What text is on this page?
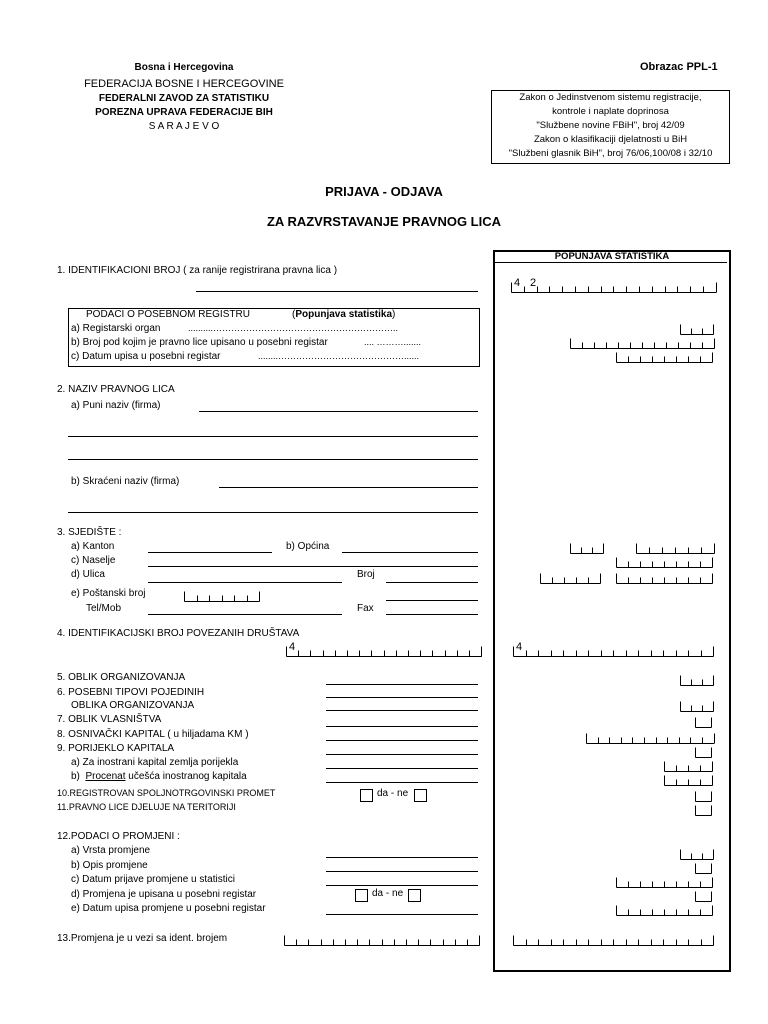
Bosna i Hercegovina
FEDERACIJA BOSNE I HERCEGOVINE
FEDERALNI ZAVOD ZA STATISTIKU
POREZNA UPRAVA FEDERACIJE BIH
S A R A J E V O
Obrazac PPL-1
Zakon o Jedinstvenom sistemu registracije,
kontrole i naplate doprinosa
"Službene novine FBiH", broj 42/09
Zakon o klasifikaciji djelatnosti u BiH
"Službeni glasnik BiH", broj 76/06,100/08 i 32/10
PRIJAVA - ODJAVA
ZA RAZVRSTAVANJE PRAVNOG LICA
POPUNJAVA STATISTIKA
1. IDENTIFIKACIONI BROJ ( za ranije registrirana pravna lica )
4 2
PODACI O POSEBNOM REGISTRU	(Popunjava statistika)
a) Registarski organ	..........……………………………………………………..
b) Broj pod kojim je pravno lice upisano u posebni registar	.... ……….......
c) Datum upisa u posebni registar	........……………………………………......
2. NAZIV PRAVNOG LICA
a) Puni naziv (firma)
b) Skraćeni naziv (firma)
3. SJEDIŠTE :
a) Kanton	b) Općina
c) Naselje
d) Ulica	Broj
e) Poštanski broj
Tel/Mob	Fax
4. IDENTIFIKACIJSKI BROJ POVEZANIH DRUŠTAVA
4	4
5. OBLIK ORGANIZOVANJA
6. POSEBNI TIPOVI POJEDINIH
OBLIKA ORGANIZOVANJA
7. OBLIK VLASNIŠTVA
8. OSNIVAČKI KAPITAL ( u hiljadama KM )
9. PORIJEKLO KAPITALA
a) Za inostrani kapital zemlja porijekla
b) Procenat učešća inostranog kapitala
10.REGISTROVAN SPOLJNOTRGOVINSKI PROMET	da - ne
11.PRAVNO LICE DJELUJE NA TERITORIJI
12.PODACI O PROMJENI :
a) Vrsta promjene
b) Opis promjene
c) Datum prijave promjene u statistici
d) Promjena je upisana u posebni registar	da - ne
e) Datum upisa promjene u posebni registar
13.Promjena je u vezi sa ident. brojem
